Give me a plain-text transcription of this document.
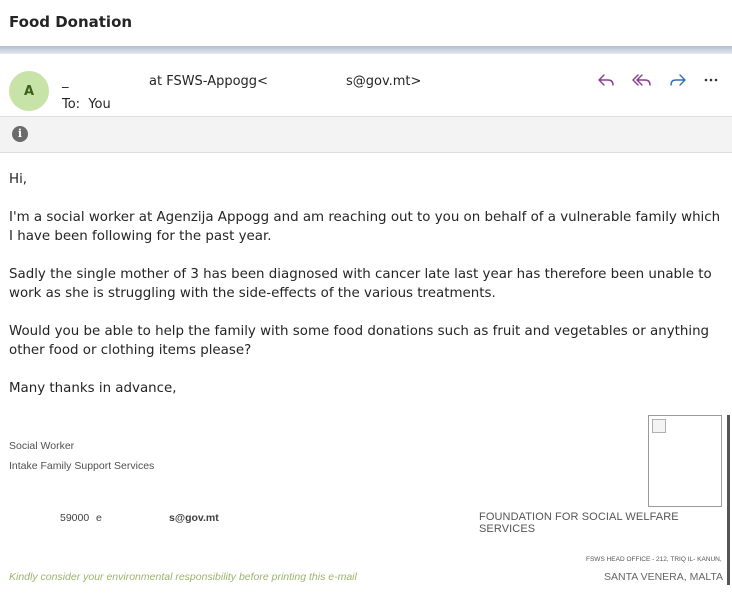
Food Donation
A
_	at FSWS-Appogg<	s@gov.mt>
To: You
i

Hi,

I'm a social worker at Agenzija Appogg and am reaching out to you on behalf of a vulnerable family which I have been following for the past year.

Sadly the single mother of 3 has been diagnosed with cancer late last year has therefore been unable to work as she is struggling with the side-effects of the various treatments.

Would you be able to help the family with some food donations such as fruit and vegetables or anything other food or clothing items please?

Many thanks in advance,

Social Worker
Intake Family Support Services
59000 e	s@gov.mt	FOUNDATION FOR SOCIAL WELFARE SERVICES
FSWS HEAD OFFICE - 212, TRIQ IL- KANUN,
SANTA VENERA, MALTA
Kindly consider your environmental responsibility before printing this e-mail
